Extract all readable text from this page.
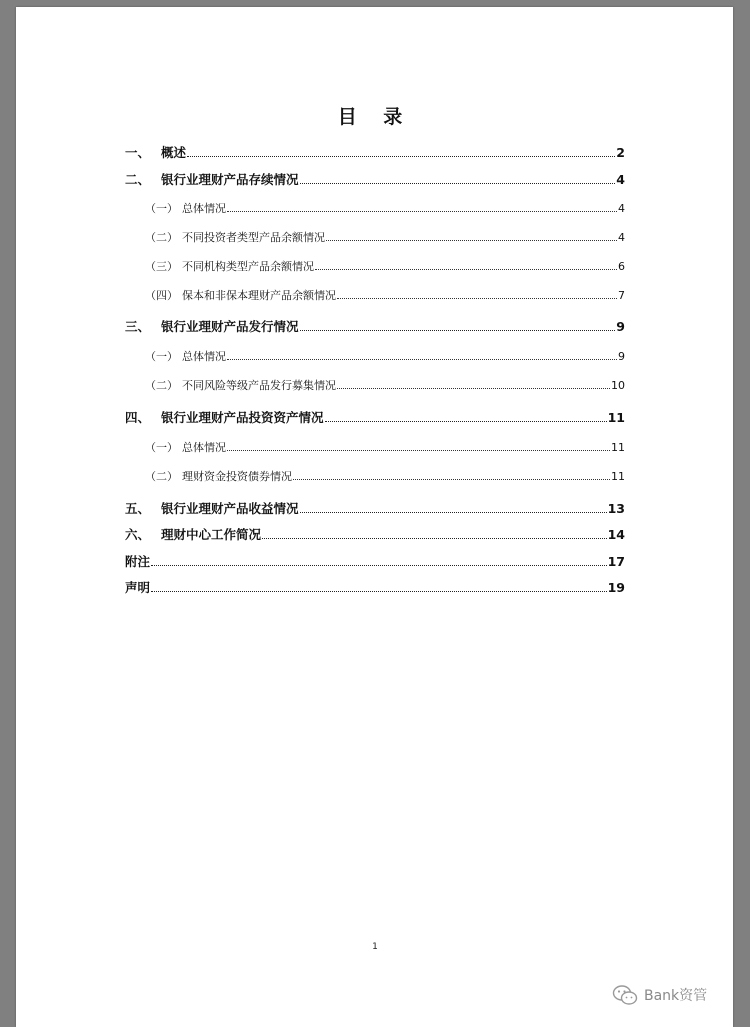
目 录
一、 概述	2
二、 银行业理财产品存续情况	4
（一） 总体情况	4
（二） 不同投资者类型产品余额情况	4
（三） 不同机构类型产品余额情况	6
（四） 保本和非保本理财产品余额情况	7
三、 银行业理财产品发行情况	9
（一） 总体情况	9
（二） 不同风险等级产品发行募集情况	10
四、 银行业理财产品投资资产情况	11
（一） 总体情况	11
（二） 理财资金投资债券情况	11
五、 银行业理财产品收益情况	13
六、 理财中心工作简况	14
附注	17
声明	19
1
Bank资管
